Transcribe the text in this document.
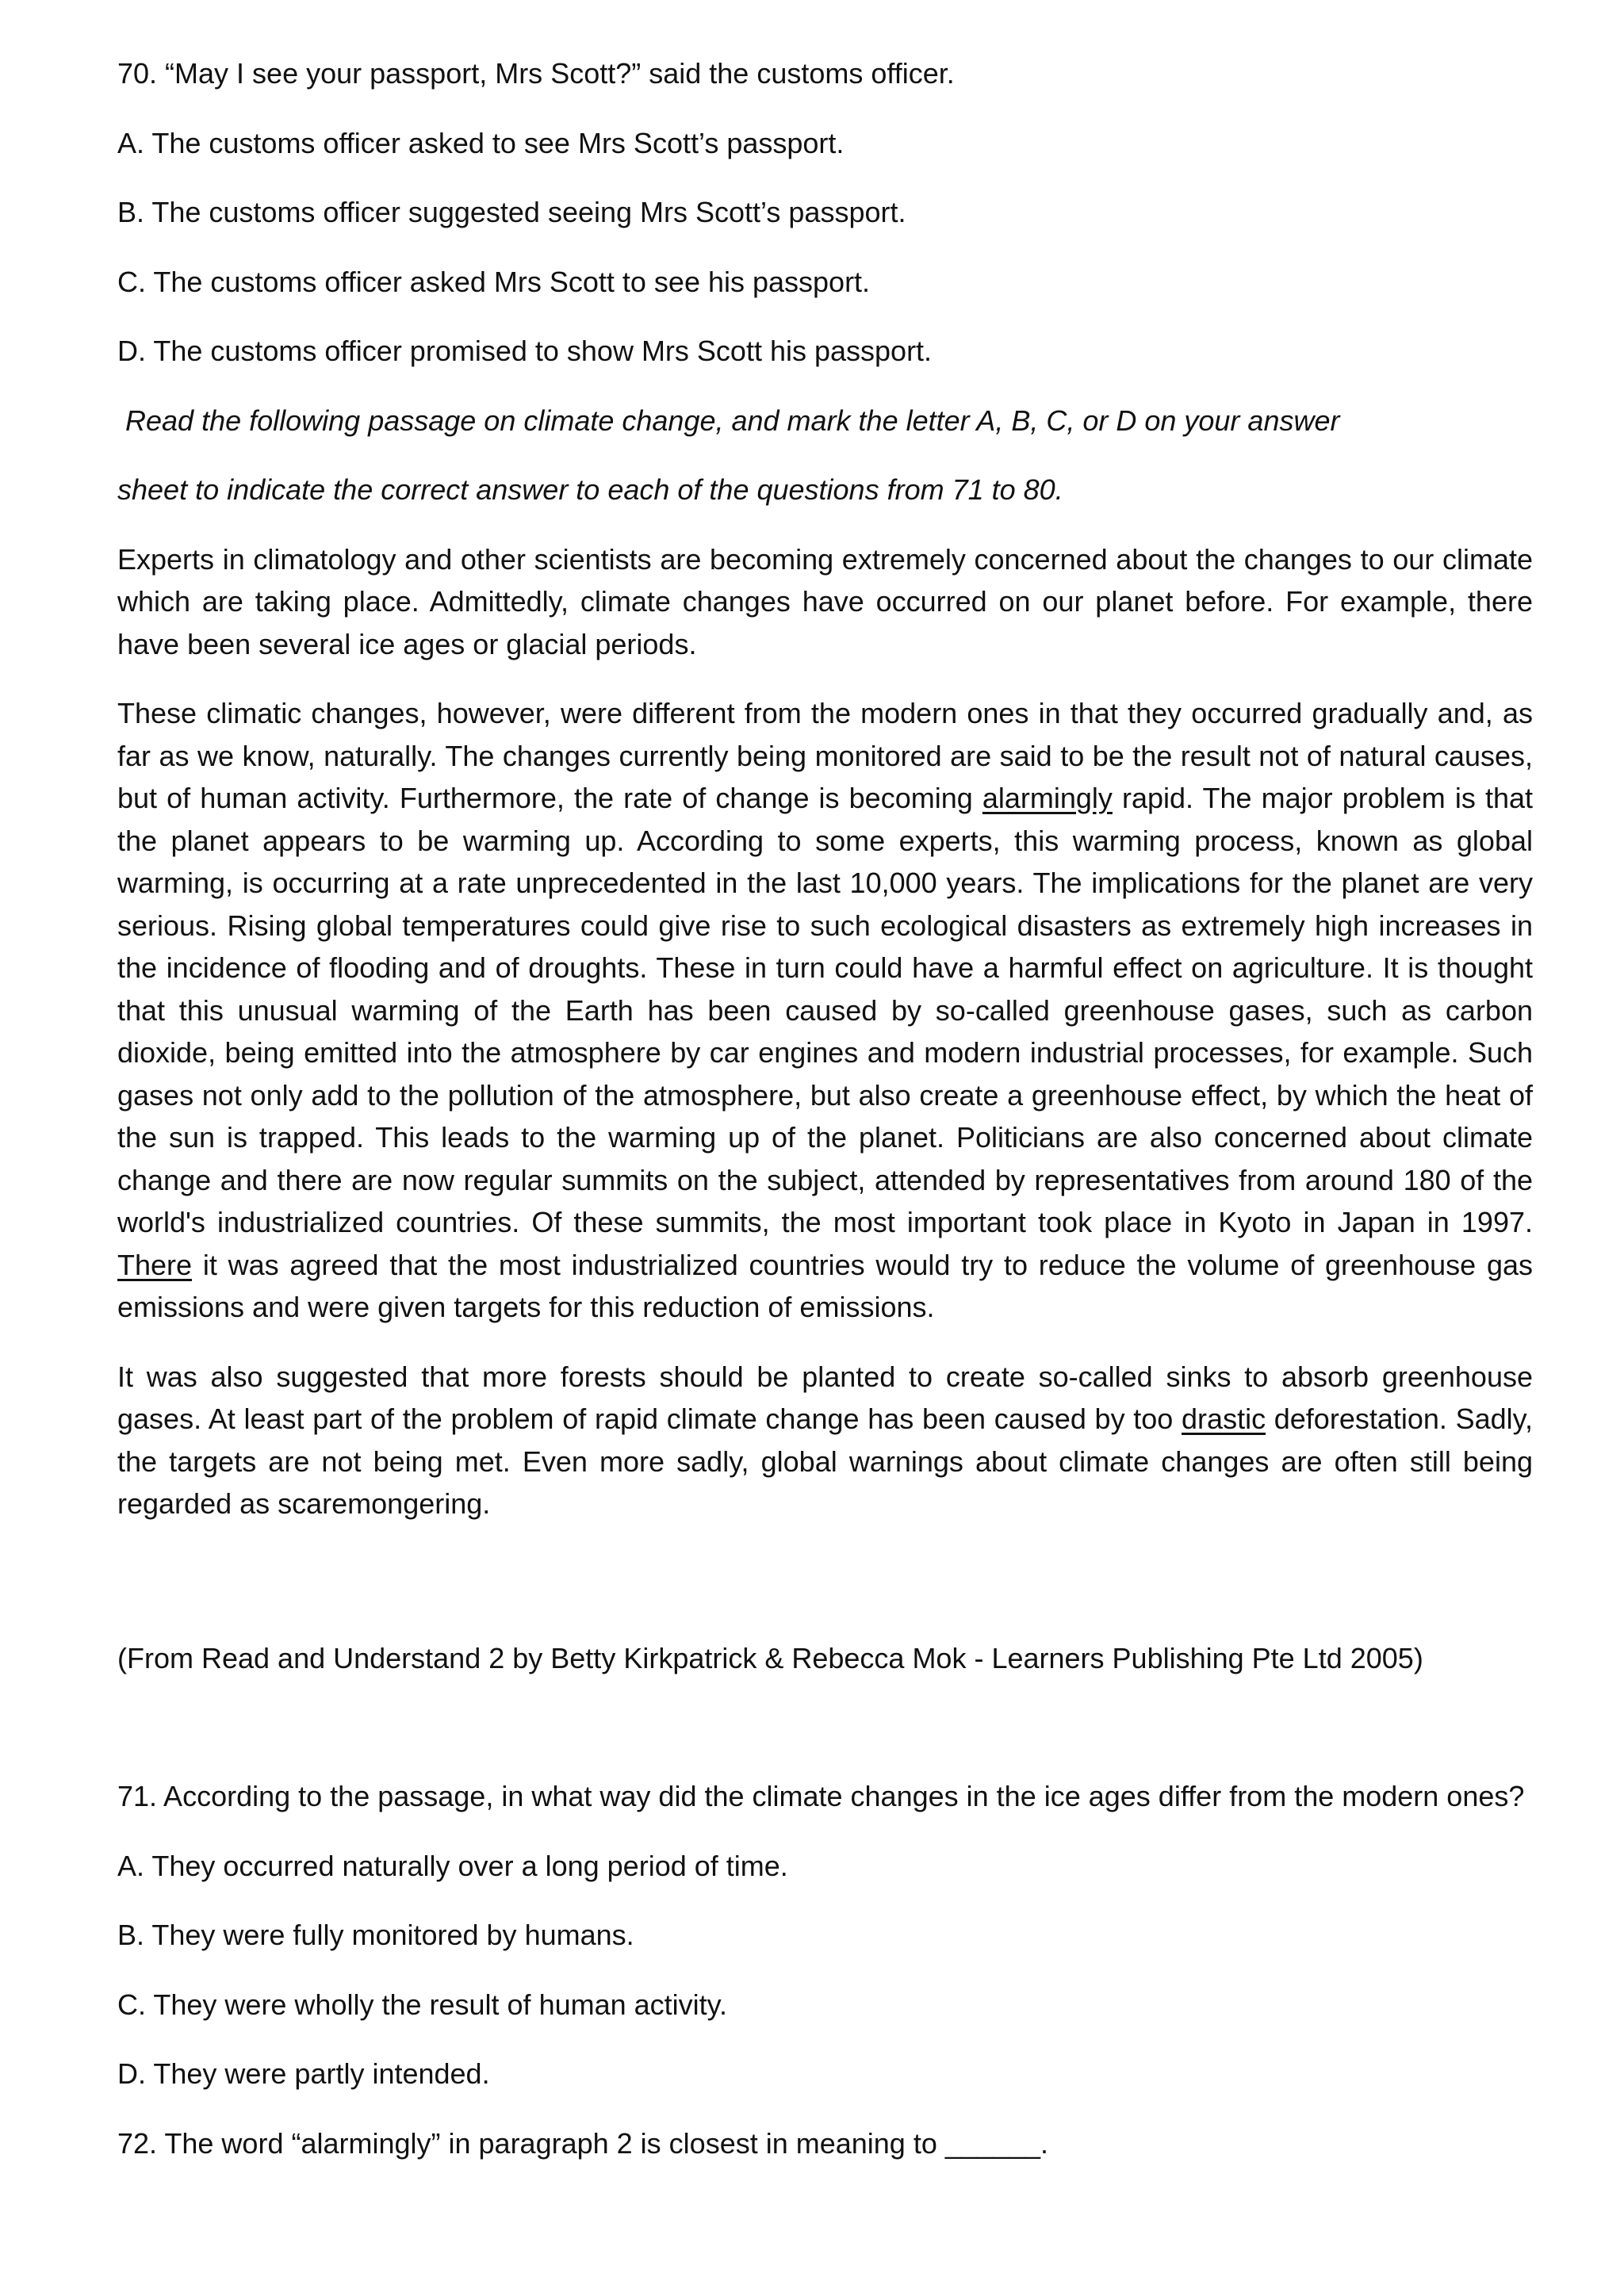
70. “May I see your passport, Mrs Scott?” said the customs officer.

A. The customs officer asked to see Mrs Scott’s passport.

B. The customs officer suggested seeing Mrs Scott’s passport.

C. The customs officer asked Mrs Scott to see his passport.

D. The customs officer promised to show Mrs Scott his passport.

Read the following passage on climate change, and mark the letter A, B, C, or D on your answer

sheet to indicate the correct answer to each of the questions from 71 to 80.

Experts in climatology and other scientists are becoming extremely concerned about the changes to our climate which are taking place. Admittedly, climate changes have occurred on our planet before. For example, there have been several ice ages or glacial periods.

These climatic changes, however, were different from the modern ones in that they occurred gradually and, as far as we know, naturally. The changes currently being monitored are said to be the result not of natural causes, but of human activity. Furthermore, the rate of change is becoming alarmingly rapid. The major problem is that the planet appears to be warming up. According to some experts, this warming process, known as global warming, is occurring at a rate unprecedented in the last 10,000 years. The implications for the planet are very serious. Rising global temperatures could give rise to such ecological disasters as extremely high increases in the incidence of flooding and of droughts. These in turn could have a harmful effect on agriculture. It is thought that this unusual warming of the Earth has been caused by so-called greenhouse gases, such as carbon dioxide, being emitted into the atmosphere by car engines and modern industrial processes, for example. Such gases not only add to the pollution of the atmosphere, but also create a greenhouse effect, by which the heat of the sun is trapped. This leads to the warming up of the planet. Politicians are also concerned about climate change and there are now regular summits on the subject, attended by representatives from around 180 of the world's industrialized countries. Of these summits, the most important took place in Kyoto in Japan in 1997. There it was agreed that the most industrialized countries would try to reduce the volume of greenhouse gas emissions and were given targets for this reduction of emissions.

It was also suggested that more forests should be planted to create so-called sinks to absorb greenhouse gases. At least part of the problem of rapid climate change has been caused by too drastic deforestation. Sadly, the targets are not being met. Even more sadly, global warnings about climate changes are often still being regarded as scaremongering.

(From Read and Understand 2 by Betty Kirkpatrick & Rebecca Mok - Learners Publishing Pte Ltd 2005)

71. According to the passage, in what way did the climate changes in the ice ages differ from the modern ones?

A. They occurred naturally over a long period of time.

B. They were fully monitored by humans.

C. They were wholly the result of human activity.

D. They were partly intended.

72. The word “alarmingly” in paragraph 2 is closest in meaning to ______.
